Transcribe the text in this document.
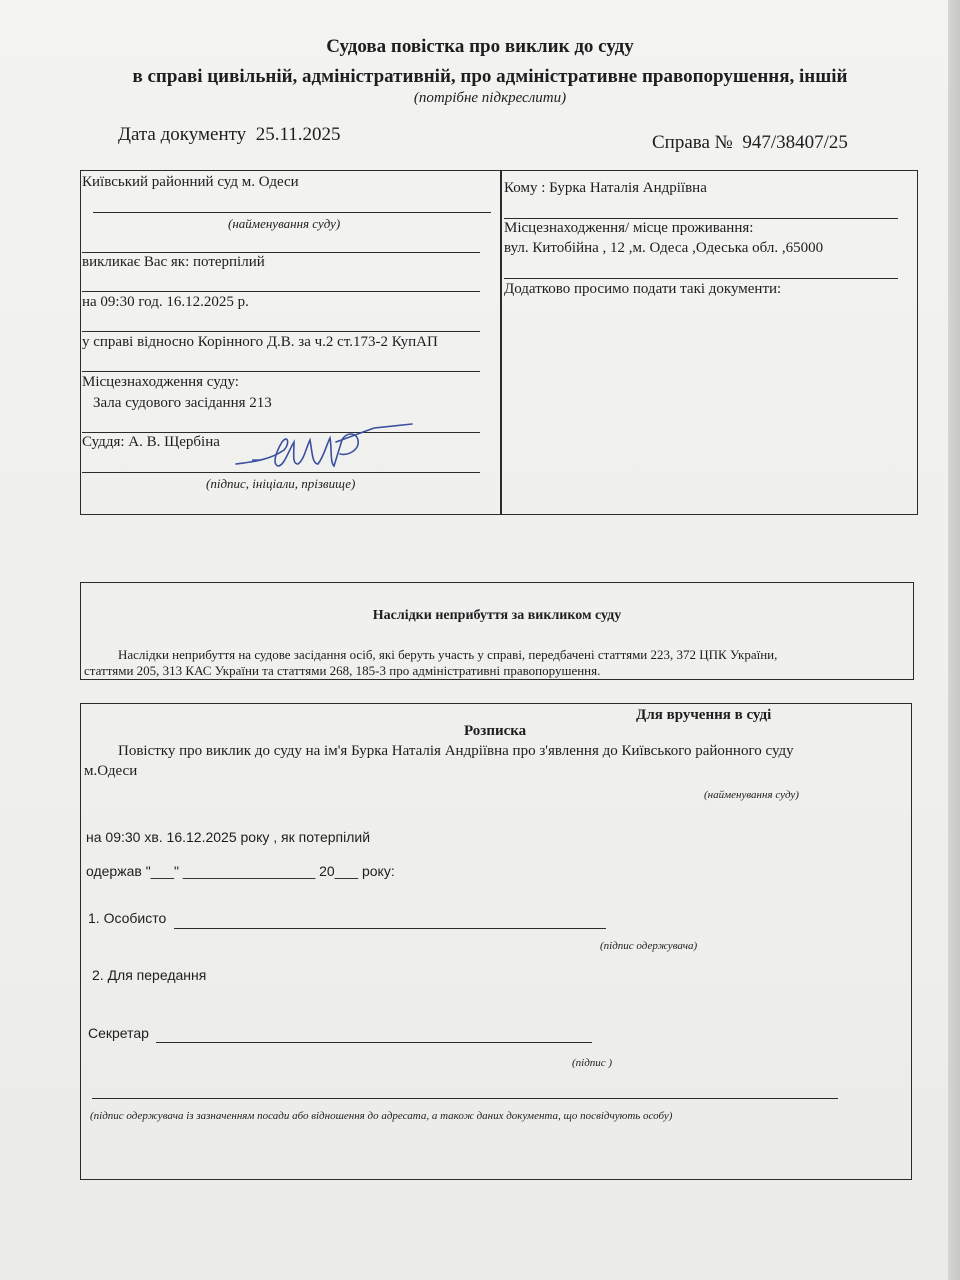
Судова повістка про виклик до суду
в справі цивільній, адміністративній, про адміністративне правопорушення, іншій
(потрібне підкреслити)
Дата документу 25.11.2025	Справа № 947/38407/25
Київський районний суд м. Одеси
(найменування суду)
викликає Вас як: потерпілий
на 09:30 год. 16.12.2025 р.
у справі відносно Корінного Д.В. за ч.2 ст.173-2 КупАП
Місцезнаходження суду:
Зала судового засідання 213
Суддя: А. В. Щербіна
(підпис, ініціали, прізвище)
Кому : Бурка Наталія Андріївна
Місцезнаходження/ місце проживання:
вул. Китобійна , 12 ,м. Одеса ,Одеська обл. ,65000
Додатково просимо подати такі документи:
Наслідки неприбуття за викликом суду
Наслідки неприбуття на судове засідання осіб, які беруть участь у справі, передбачені статтями 223, 372 ЦПК України,
статтями 205, 313 КАС України та статтями 268, 185-3 про адміністративні правопорушення.
Для вручення в суді
Розписка
Повістку про виклик до суду на ім'я Бурка Наталія Андріївна про з'явлення до Київського районного суду
м.Одеси
(найменування суду)
на 09:30 хв. 16.12.2025 року , як потерпілий
одержав "___" _________________ 20___ року:
1. Особисто
(підпис одержувача)
2. Для передання
Секретар
(підпис )
(підпис одержувача із зазначенням посади або відношення до адресата, а також даних документа, що посвідчують особу)
